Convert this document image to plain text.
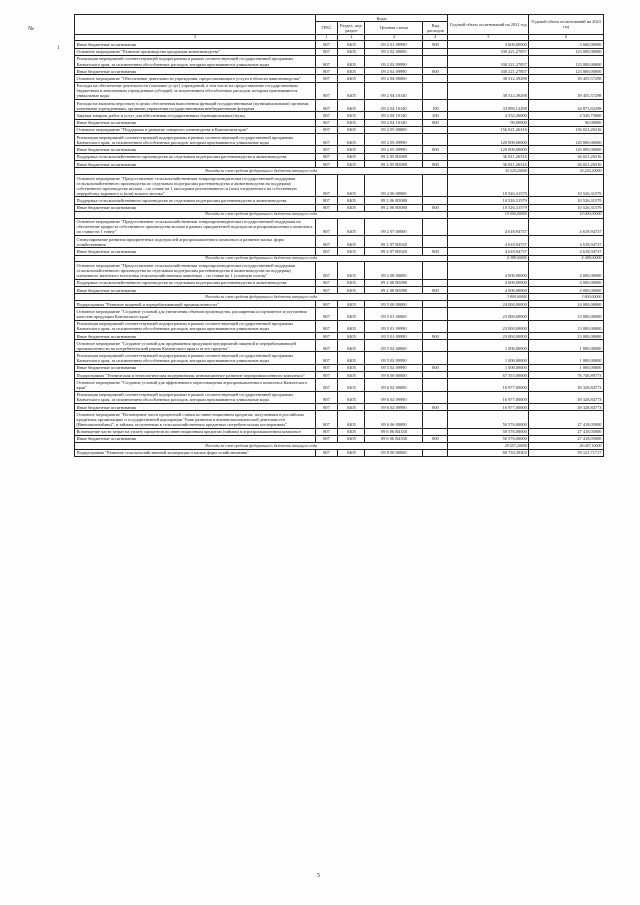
№
1
	Коды				Годовой объем ассигнований на 2021 год	Годовой объем ассигнований на 2023 год
	ГРБС	Раздел, под-раздел	Целевая статья	Вид расходов		
3	1	2	4	4	5	6
Иные бюджетные ассигнования	807	0405	09 2 01 09990	800	3 600,00000	3 600,00000
Основное мероприятие "Развитие производства продукции животноводства"	807	0405	09 2 02 00000		330 221,27857	123 000,00000
Реализация мероприятий соответствующей подпрограммы в рамках соответствующей государственной программы Камчатского края, за исключением обособленных расходов, которым присваиваются уникальные коды	807	0405	09 2 02 09990		330 221,27857	123 000,00000
Иные бюджетные ассигнования	807	0405	09 2 02 09990	800	330 221,27857	123 000,00000
Основное мероприятие "Обеспечение деятельности учреждения, предоставляющего услуги в области животноводства"	807	0405	09 2 04 00000		38 512,39298	39 455,57298
Расходы на обеспечение деятельности (оказание услуг) учреждений, в том числе на предоставление государственным бюджетным и автономным учреждениям субсидий, за исключением обособленных расходов, которым присваиваются уникальные коды	807	0405	09 2 04 10140		38 512,39298	39 455,57298
Расходы на выплаты персоналу в целях обеспечения выполнения функций государственными (муниципальными) органами, казенными учреждениями, органами управления государственными внебюджетными фондами	807	0405	09 2 04 10140	100	33 890,12298	34 873,82298
Закупка товаров, работ и услуг для обеспечения государственных (муниципальных) нужд	807	0405	09 2 04 10140	200	4 532,26000	4 520,75000
Иные бюджетные ассигнования	807	0405	09 2 04 10140	800	90,00000	90,00000
Основное мероприятие "Поддержка и развитие северного оленеводства в Камчатском крае"	807	0405	09 2 05 00000		156 021,26316	156 021,26316
Реализация мероприятий соответствующей подпрограммы в рамках соответствующей государственной программы Камчатского края, за исключением обособленных расходов, которым присваиваются уникальные коды	807	0405	09 2 05 09990		120 000,00000	120 000,00000
Иные бюджетные ассигнования	807	0405	09 2 05 09990	800	120 000,00000	120 000,00000
Поддержка сельскохозяйственного производства по отдельным подотраслям растениеводства и животноводства	807	0405	09 2 05 R5080		36 021,26316	36 021,26316
Иные бюджетные ассигнования	807	0405	09 2 05 R5080	800	36 021,26316	36 021,26316
Расходы за счет средств федерального бюджета текущего года					34 220,20000	34 220,20000
Основное мероприятие "Предоставление сельскохозяйственным товаропроизводителям государственной поддержки сельскохозяйственного производства по отдельным подотраслям растениеводства и животноводства на поддержку собственного производства молока – по ставке на 1 килограмм реализованного и (или) отгруженного на собственную переработку коровьего и (или) козьего молока"	807	0405	09 2 06 00000		10 526,31579	10 526,31579
Поддержка сельскохозяйственного производства по отдельным подотраслям растениеводства и животноводства	807	0405	09 2 06 R5080		10 526,31579	10 526,31579
Иные бюджетные ассигнования	807	0405	09 2 06 R5080	800	10 526,31579	10 526,31579
Расходы за счет средств федерального бюджета текущего года					10 000,00000	10 000,00000
Основное мероприятие "Предоставление сельскохозяйственным товаропроизводителям государственной поддержки на обеспечение прироста собственного производства молока в рамках приоритетной подотрасли агропромышленного комплекса по ставке на 1 тонну"	807	0405	09 2 07 00000		4 618,94737	4 618,94737
Стимулирование развития приоритетных подотраслей агропромышленного комплекса и развитие малых форм хозяйствования	807	0405	09 2 07 R5020		4 618,94737	4 618,94737
Иные бюджетные ассигнования	807	0405	09 2 07 R5020	800	4 618,94737	4 618,94737
Расходы за счет средств федерального бюджета текущего года					4 388,00000	4 388,00000
Основное мероприятие "Предоставление сельскохозяйственным товаропроизводителям государственной поддержки сельскохозяйственного производства по отдельным подотраслям растениеводства и животноводства на поддержку племенного маточного поголовья сельскохозяйственных животных – по ставке на 1 условную голову"	807	0405	09 2 08 00000		4 000,00000	4 000,00000
Поддержка сельскохозяйственного производства по отдельным подотраслям растениеводства и животноводства	807	0405	09 2 08 R5080		4 000,00000	4 000,00000
Иные бюджетные ассигнования	807	0405	09 2 08 R5080	800	4 000,00000	4 000,00000
Расходы за счет средств федерального бюджета текущего года					3 800,00000	3 800,00000
Подпрограмма "Развитие пищевой и перерабатывающей промышленности"	807	0405	09 5 00 00000		24 000,00000	14 000,00000
Основное мероприятие "Создание условий для увеличения объемов производства, расширения ассортимента и улучшения качества продукции Камчатского края"	807	0405	09 5 01 00000		23 000,00000	13 000,00000
Реализация мероприятий соответствующей подпрограммы в рамках соответствующей государственной программы Камчатского края, за исключением обособленных расходов, которым присваиваются уникальные коды	807	0405	09 5 01 09990		23 000,00000	13 000,00000
Иные бюджетные ассигнования	807	0405	09 5 01 09990	800	23 000,00000	13 000,00000
Основное мероприятие "Создание условий для продвижения продукции предприятий пищевой и перерабатывающей промышленности на потребительский рынок Камчатского края и за его пределы"	807	0405	09 5 02 00000		1 000,00000	1 000,00000
Реализация мероприятий соответствующей подпрограммы в рамках соответствующей государственной программы Камчатского края, за исключением обособленных расходов, которым присваиваются уникальные коды	807	0405	09 5 02 09990		1 000,00000	1 000,00000
Иные бюджетные ассигнования	807	0405	09 5 02 09990	800	1 000,00000	1 000,00000
Подпрограмма "Техническая и технологическая модернизация, инновационное развитие агропромышленного комплекса"	807	0405	09 6 00 00000		67 553,00000	76 746,89773
Основное мероприятие "Создание условий для эффективного переоснащения агропромышленного комплекса Камчатского края"	807	0405	09 6 02 00000		16 977,00000	49 328,84773
Реализация мероприятий соответствующей подпрограммы в рамках соответствующей государственной программы Камчатского края, за исключением обособленных расходов, которым присваиваются уникальные коды	807	0405	09 6 02 09990		16 977,00000	49 328,84773
Иные бюджетные ассигнования	807	0405	09 6 02 09990	800	16 977,00000	49 328,84773
Основное мероприятие "Возмещение части процентной ставки по инвестиционным кредитам, полученным в российских кредитных организациях и государственной корпорации "Банк развития и внешнеэкономической деятельности (Внешэкономбанк)", и займам, полученным в сельскохозяйственных кредитных потребительских кооперативах"	807	0405	09 6 06 00000		50 576,00000	27 418,05000
Возмещение части затрат на уплату процентов по инвестиционным кредитам (займам) в агропромышленном комплексе	807	0405	09 6 06 R4330		50 576,00000	27 418,05000
Иные бюджетные ассигнования	807	0405	09 6 06 R4330	800	50 576,00000	27 418,05000
Расходы за счет средств федерального бюджета текущего года					29 557,20000	26 047,10000
Подпрограмма "Развитие сельскохозяйственной кооперации и малых форм хозяйствования"	807	0405	09 8 00 00000		60 730,39303	59 121,71717
5
